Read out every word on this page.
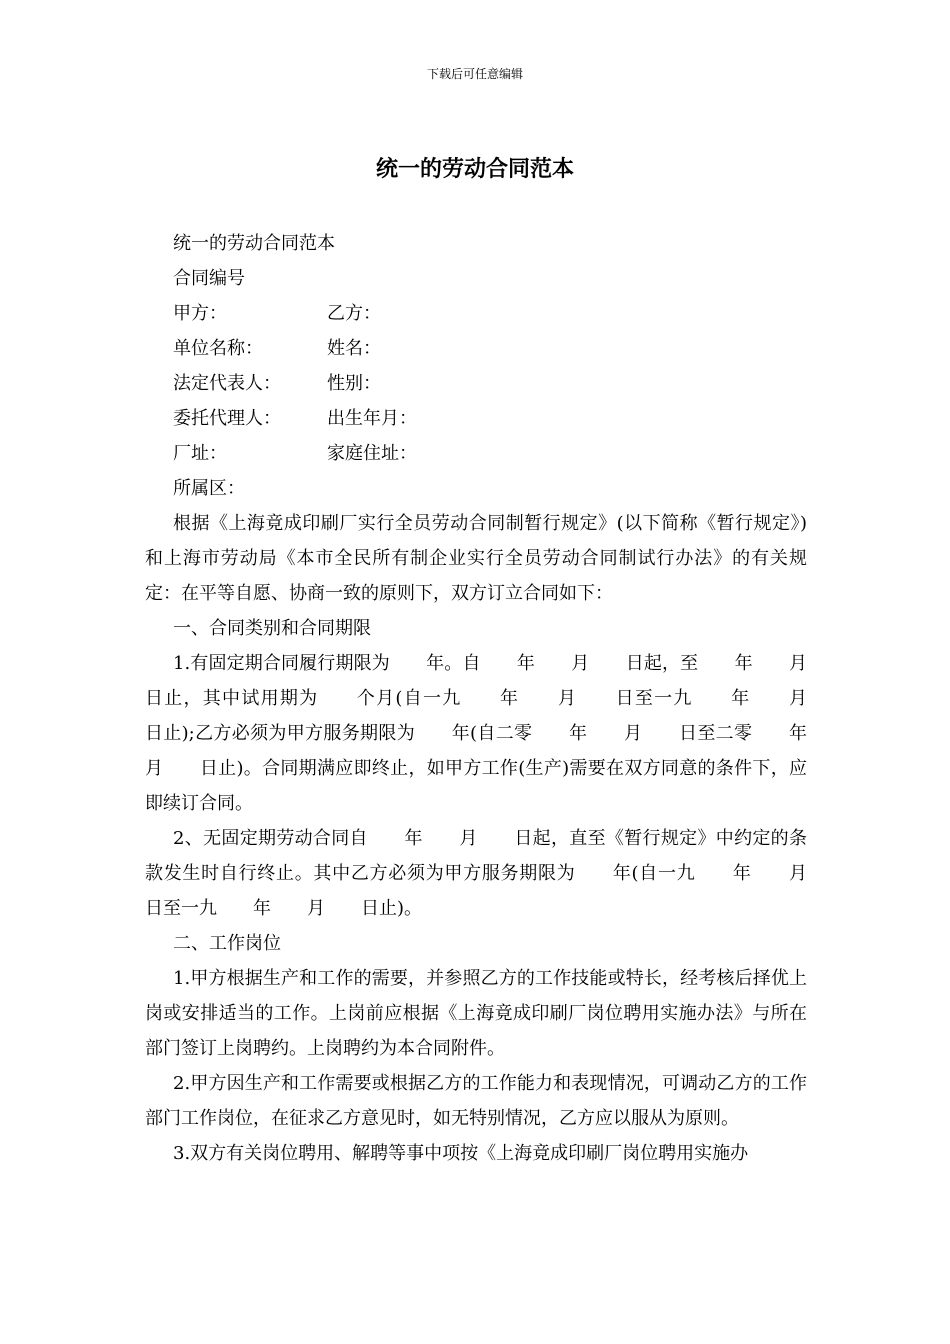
下载后可任意编辑
统一的劳动合同范本
统一的劳动合同范本
合同编号
甲方：	乙方：
单位名称：	姓名：
法定代表人：	性别：
委托代理人：	出生年月：
厂址：	家庭住址：
所属区：

根据《上海竟成印刷厂实行全员劳动合同制暂行规定》(以下简称《暂行规定》)和上海市劳动局《本市全民所有制企业实行全员劳动合同制试行办法》的有关规定：在平等自愿、协商一致的原则下，双方订立合同如下：

一、合同类别和合同期限

1.有固定期合同履行期限为　　年。自　　年　　月　　日起，至　　年　　月　　日止，其中试用期为　　个月(自一九　　年　　月　　日至一九　　年　　月　　日止);乙方必须为甲方服务期限为　　年(自二零　　年　　月　　日至二零　　年　　月　　日止)。合同期满应即终止，如甲方工作(生产)需要在双方同意的条件下，应即续订合同。

2、无固定期劳动合同自　　年　　月　　日起，直至《暂行规定》中约定的条款发生时自行终止。其中乙方必须为甲方服务期限为　　年(自一九　　年　　月　　日至一九　　年　　月　　日止)。

二、工作岗位

1.甲方根据生产和工作的需要，并参照乙方的工作技能或特长，经考核后择优上岗或安排适当的工作。上岗前应根据《上海竟成印刷厂岗位聘用实施办法》与所在部门签订上岗聘约。上岗聘约为本合同附件。

2.甲方因生产和工作需要或根据乙方的工作能力和表现情况，可调动乙方的工作部门工作岗位，在征求乙方意见时，如无特别情况，乙方应以服从为原则。

3.双方有关岗位聘用、解聘等事中项按《上海竟成印刷厂岗位聘用实施办
